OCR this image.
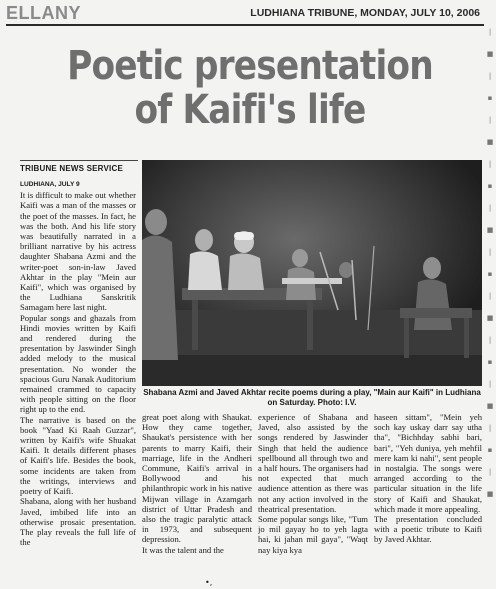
ELLANY	LUDHIANA TRIBUNE, MONDAY, JULY 10, 2006
|
■
|
▪
|
■
|
▪
|
■
|
▪
|
■
|
▪
|
■
|
▪
|
■
Poetic presentation
of Kaifi's life
TRIBUNE NEWS SERVICE
LUDHIANA, JULY 9
It is difficult to make out whether Kaifi was a man of the masses or the poet of the masses. In fact, he was the both. And his life story was beautifully narrated in a brilliant narrative by his actress daughter Shabana Azmi and the writer-poet son-in-law Javed Akhtar in the play "Mein aur Kaifi", which was organised by the Ludhiana Sanskritik Samagam here last night.
Popular songs and ghazals from Hindi movies written by Kaifi and rendered during the presentation by Jaswinder Singh added melody to the musical presentation. No wonder the spacious Guru Nanak Auditorium remained crammed to capacity with people sitting on the floor right up to the end.
The narrative is based on the book "Yaad Ki Raah Guzzar", written by Kaifi's wife Shuakat Kaifi. It details different phases of Kaifi's life. Besides the book, some incidents are taken from the writings, interviews and poetry of Kaifi.
Shabana, along with her husband Javed, imbibed life into an otherwise prosaic presentation. The play reveals the full life of the
Shabana Azmi and Javed Akhtar recite poems during a play, "Main aur Kaifi" in Ludhiana on Saturday. Photo: I.V.
great poet along with Shaukat. How they came together, Shaukat's persistence with her parents to marry Kaifi, their marriage, life in the Andheri Commune, Kaifi's arrival in Bollywood and his philanthropic work in his native Mijwan village in Azamgarh district of Uttar Pradesh and also the tragic paralytic attack in 1973, and subsequent depression.
It was the talent and the
experience of Shabana and Javed, also assisted by the songs rendered by Jaswinder Singh that held the audience spellbound all through two and a half hours. The organisers had not expected that much audience attention as there was not any action involved in the theatrical presentation.
Some popular songs like, "Tum jo mil gayay ho to yeh lagta hai, ki jahan mil gaya", "Waqt nay kiya kya
haseen sittam", "Mein yeh soch kay uskay darr say utha tha", "Bichhday sabhi bari, bari", "Yeh duniya, yeh mehfil mere kam ki nahi", sent people in nostalgia. The songs were arranged according to the particular situation in the life story of Kaifi and Shaukat, which made it more appealing.
The presentation concluded with a poetic tribute to Kaifi by Javed Akhtar.
•,
